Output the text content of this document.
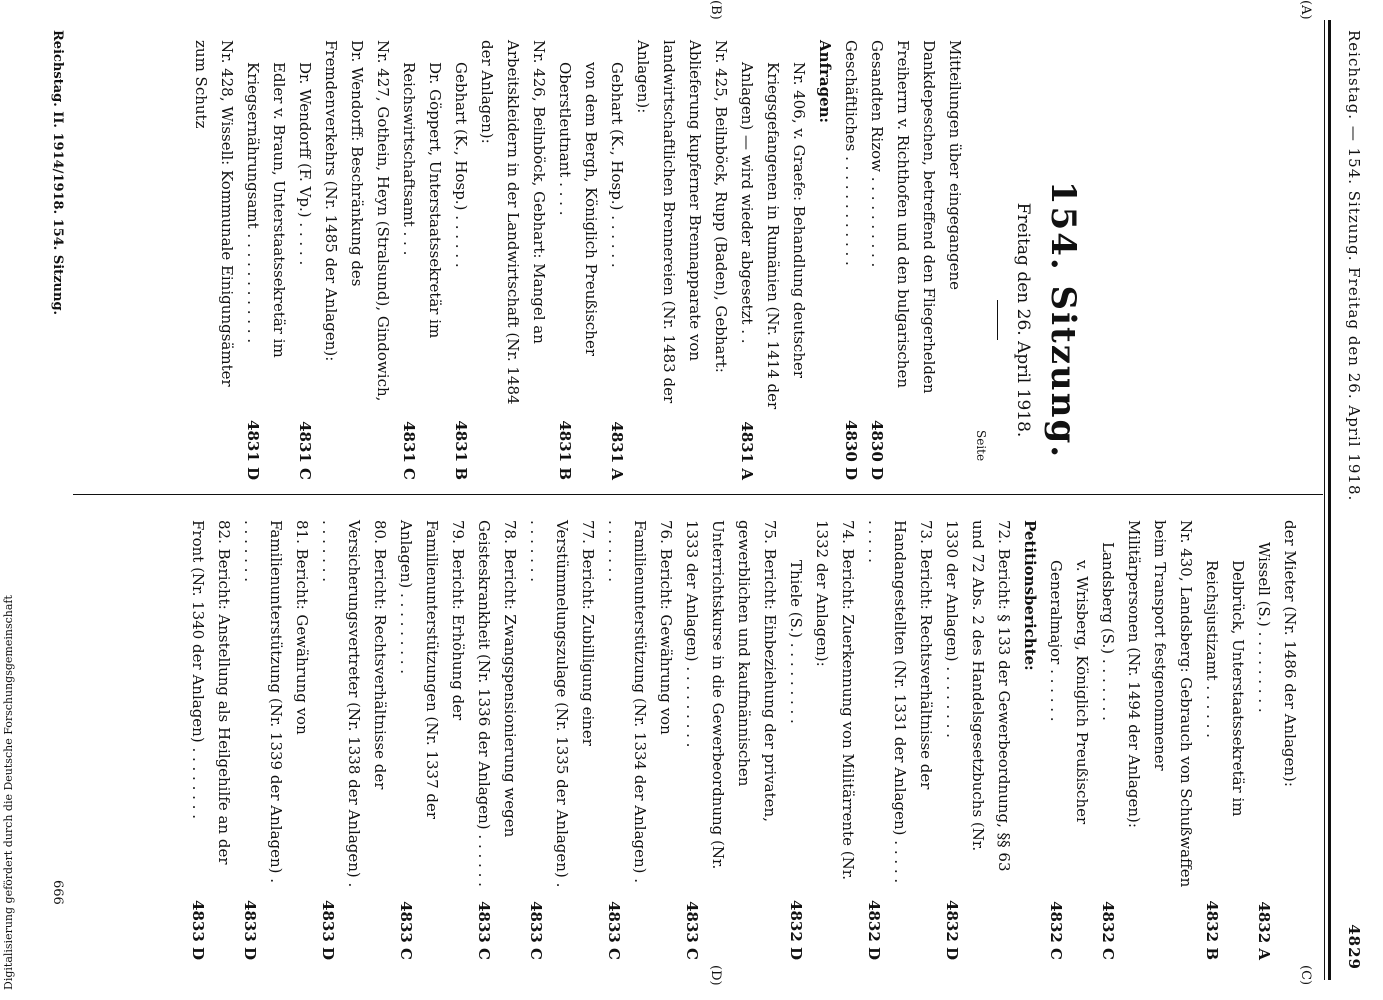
Reichstag. — 154. Sitzung. Freitag den 26. April 1918.
4829
(A)
(C)
(B)
(D)
154. Sitzung.
Freitag den 26. April 1918.
Seite
Mitteilungen über eingegangene Dankdepeschen, betreffend den Fliegerhelden Freiherrn v. Richthofen und den bulgarischen Gesandten Rizow . . . . . . . . . .
4830 D
Geschäftliches . . . . . . . . . . . .
4830 D
Anfragen:
Nr. 406, v. Graefe: Behandlung deutscher Kriegsgefangenen in Rumänien (Nr. 1414 der Anlagen) — wird wieder abgesetzt . .
4831 A
Nr. 425, Beilnböck, Rupp (Baden), Gebhart: Ablieferung kupferner Brennapparate von landwirtschaftlichen Brennereien (Nr. 1483 der Anlagen):
Gebhart (K., Hosp.) . . . . . .
4831 A
von dem Bergh, Königlich Preußischer Oberstleutnant . . . .
4831 B
Nr. 426, Beilnböck, Gebhart: Mangel an Arbeitskleidern in der Landwirtschaft (Nr. 1484 der Anlagen):
Gebhart (K., Hosp.) . . . . . .
4831 B
Dr. Göppert, Unterstaatssekretär im Reichswirtschaftsamt . . .
4831 C
Nr. 427, Gothein, Heyn (Stralsund), Gindowich, Dr. Wendorff: Beschränkung des Fremdenverkehrs (Nr. 1485 der Anlagen):
Dr. Wendorff (F. Vp.) . . . . .
4831 C
Edler v. Braun, Unterstaatssekretär im Kriegsernährungsamt . . . . . . . . . . . .
4831 D
Nr. 428, Wissell: Kommunale Einigungsämter zum Schutz
der Mieter (Nr. 1486 der Anlagen):
Wissell (S.) . . . . . . . . .
4832 A
Delbrück, Unterstaatssekretär im Reichsjustizamt . . . . . .
4832 B
Nr. 430, Landsberg: Gebrauch von Schußwaffen beim Transport festgenommener Militärpersonen (Nr. 1494 der Anlagen):
Landsberg (S.) . . . . . . .
4832 C
v. Wrisberg, Königlich Preußischer Generalmajor . . . . . .
4832 C
Petitionsberichte:
72. Bericht: § 133 der Gewerbeordnung, §§ 63 und 72 Abs. 2 des Handelsgesetzbuchs (Nr. 1330 der Anlagen) . . . . . . . .
4832 D
73. Bericht: Rechtsverhältnisse der Handangestellten (Nr. 1331 der Anlagen) . . . . . . . . . .
4832 D
74. Bericht: Zuerkennung von Militärrente (Nr. 1332 der Anlagen):
Thiele (S.) . . . . . . . . .
4832 D
75. Bericht: Einbeziehung der privaten, gewerblichen und kaufmännischen Unterrichtskurse in die Gewerbeordnung (Nr. 1333 der Anlagen) . . . . . . . . .
4833 C
76. Bericht: Gewährung von Familienunterstützung (Nr. 1334 der Anlagen) . . . . . . . .
4833 C
77. Bericht: Zubilligung einer Verstümmelungszulage (Nr. 1335 der Anlagen) . . . . . . . .
4833 C
78. Bericht: Zwangspensionierung wegen Geisteskrankheit (Nr. 1336 der Anlagen) . . . . . .
4833 C
79. Bericht: Erhöhung der Familienunterstützungen (Nr. 1337 der Anlagen) . . . . . . . . .
4833 C
80. Bericht: Rechtsverhältnisse der Versicherungsvertreter (Nr. 1338 der Anlagen) . . . . . . . .
4833 D
81. Bericht: Gewährung von Familienunterstützung (Nr. 1339 der Anlagen) . . . . . . . .
4833 D
82. Bericht: Anstellung als Heilgehilfe an der Front (Nr. 1340 der Anlagen) . . . . . . . .
4833 D
Reichstag. II. 1914/1918. 154. Sitzung.
666
Digitalisierung gefördert durch die Deutsche Forschungsgemeinschaft
